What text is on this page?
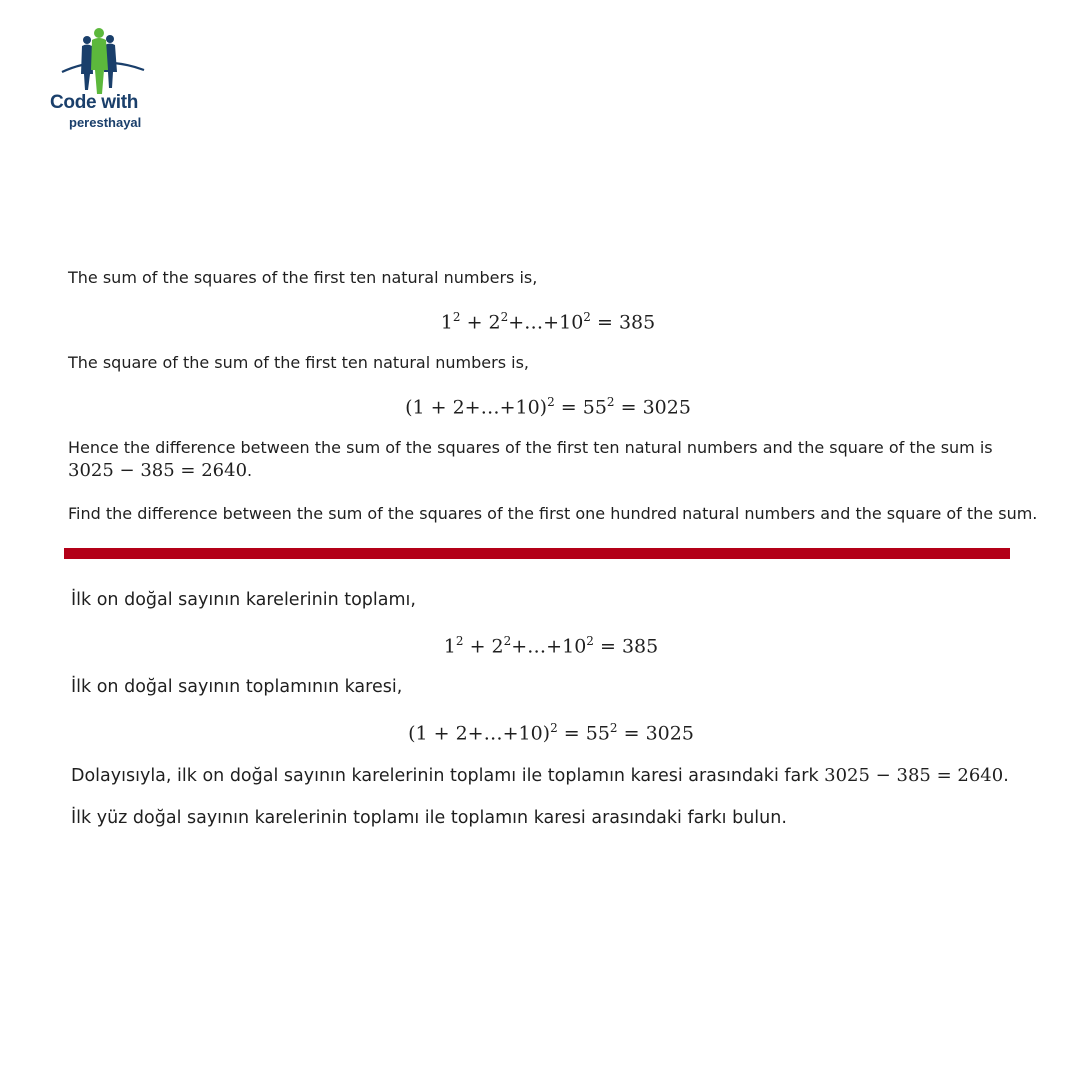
Code with
peresthayal

The sum of the squares of the first ten natural numbers is,

$1^2$ + $2^2+\dots+10^2 = 385$

The square of the sum of the first ten natural numbers is,

(1 + 2+…+10)$^2$ = $55^2 = 3025$

Hence the difference between the sum of the squares of the first ten natural numbers and the square of the sum is
3025 − 385 = 2640.

Find the difference between the sum of the squares of the first one hundred natural numbers and the square of the sum.

İlk on doğal sayının karelerinin toplamı,

$1^2$ + $2^2+\dots+10^2 = 385$

İlk on doğal sayının toplamının karesi,

(1 + 2+…+10)$^2$ = $55^2 = 3025$

Dolayısıyla, ilk on doğal sayının karelerinin toplamı ile toplamın karesi arasındaki fark 3025 − 385 = 2640.

İlk yüz doğal sayının karelerinin toplamı ile toplamın karesi arasındaki farkı bulun.
